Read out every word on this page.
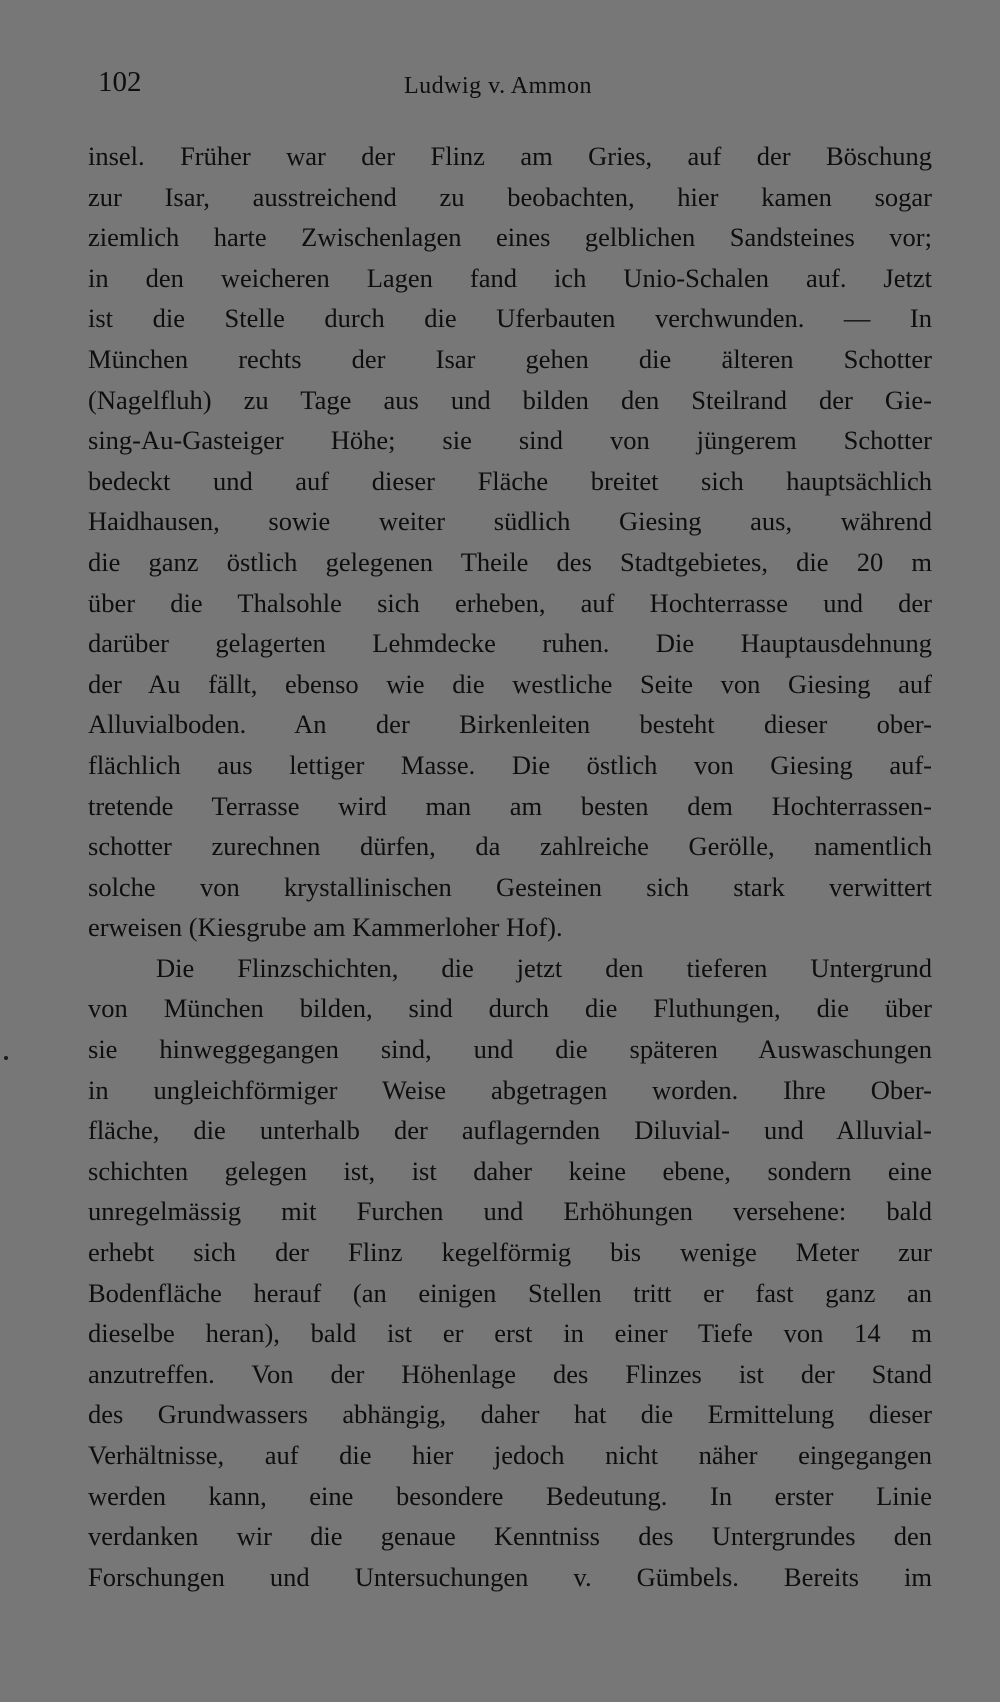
102	Ludwig v. Ammon
insel. Früher war der Flinz am Gries, auf der Böschung
zur Isar, ausstreichend zu beobachten, hier kamen sogar
ziemlich harte Zwischenlagen eines gelblichen Sandsteines vor;
in den weicheren Lagen fand ich Unio-Schalen auf. Jetzt
ist die Stelle durch die Uferbauten verchwunden. — In
München rechts der Isar gehen die älteren Schotter
(Nagelfluh) zu Tage aus und bilden den Steilrand der Gie-
sing-Au-Gasteiger Höhe; sie sind von jüngerem Schotter
bedeckt und auf dieser Fläche breitet sich hauptsächlich
Haidhausen, sowie weiter südlich Giesing aus, während
die ganz östlich gelegenen Theile des Stadtgebietes, die 20 m
über die Thalsohle sich erheben, auf Hochterrasse und der
darüber gelagerten Lehmdecke ruhen. Die Hauptausdehnung
der Au fällt, ebenso wie die westliche Seite von Giesing auf
Alluvialboden. An der Birkenleiten besteht dieser ober-
flächlich aus lettiger Masse. Die östlich von Giesing auf-
tretende Terrasse wird man am besten dem Hochterrassen-
schotter zurechnen dürfen, da zahlreiche Gerölle, namentlich
solche von krystallinischen Gesteinen sich stark verwittert
erweisen (Kiesgrube am Kammerloher Hof).
Die Flinzschichten, die jetzt den tieferen Untergrund
von München bilden, sind durch die Fluthungen, die über
sie hinweggegangen sind, und die späteren Auswaschungen
in ungleichförmiger Weise abgetragen worden. Ihre Ober-
fläche, die unterhalb der auflagernden Diluvial- und Alluvial-
schichten gelegen ist, ist daher keine ebene, sondern eine
unregelmässig mit Furchen und Erhöhungen versehene: bald
erhebt sich der Flinz kegelförmig bis wenige Meter zur
Bodenfläche herauf (an einigen Stellen tritt er fast ganz an
dieselbe heran), bald ist er erst in einer Tiefe von 14 m
anzutreffen. Von der Höhenlage des Flinzes ist der Stand
des Grundwassers abhängig, daher hat die Ermittelung dieser
Verhältnisse, auf die hier jedoch nicht näher eingegangen
werden kann, eine besondere Bedeutung. In erster Linie
verdanken wir die genaue Kenntniss des Untergrundes den
Forschungen und Untersuchungen v. Gümbels. Bereits im
